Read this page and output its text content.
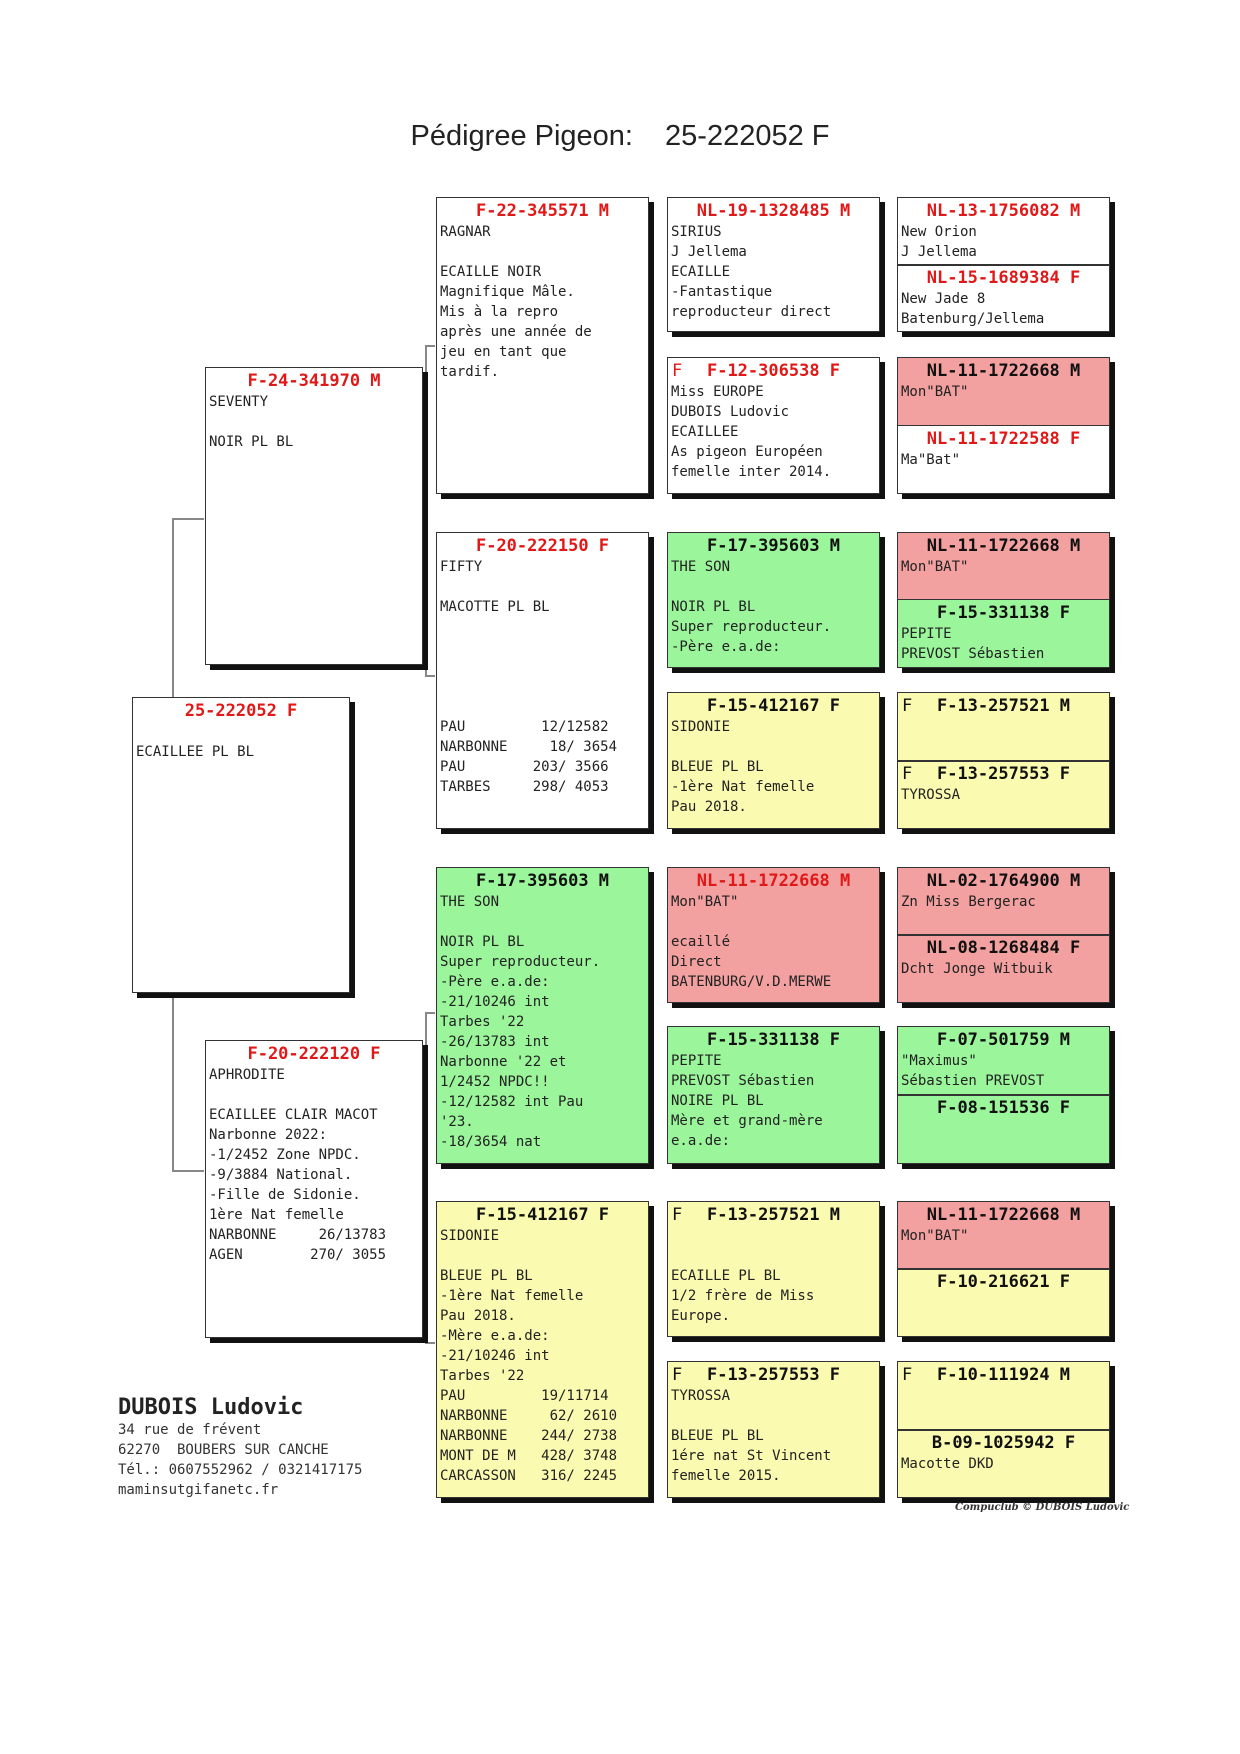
Pédigree Pigeon: 25-222052 F
25-222052 F

ECAILLEE PL BL
F-24-341970 M
SEVENTY

NOIR PL BL
F-20-222120 F
APHRODITE

ECAILLEE CLAIR MACOT
Narbonne 2022:
-1/2452 Zone NPDC.
-9/3884 National.
-Fille de Sidonie.
1ère Nat femelle
NARBONNE     26/13783
AGEN        270/ 3055
F-22-345571 M
RAGNAR

ECAILLE NOIR
Magnifique Mâle.
Mis à la repro
après une année de
jeu en tant que
tardif.
F-20-222150 F
FIFTY

MACOTTE PL BL

PAU         12/12582
NARBONNE     18/ 3654
PAU        203/ 3566
TARBES     298/ 4053
F-17-395603 M
THE SON

NOIR PL BL
Super reproducteur.
-Père e.a.de:
-21/10246 int
Tarbes '22
-26/13783 int
Narbonne '22 et
1/2452 NPDC!!
-12/12582 int Pau
'23.
-18/3654 nat
F-15-412167 F
SIDONIE

BLEUE PL BL
-1ère Nat femelle
Pau 2018.
-Mère e.a.de:
-21/10246 int
Tarbes '22
PAU         19/11714
NARBONNE     62/ 2610
NARBONNE    244/ 2738
MONT DE M   428/ 3748
CARCASSON   316/ 2245
NL-19-1328485 M
SIRIUS
J Jellema
ECAILLE
-Fantastique
reproducteur direct
F F-12-306538 F
Miss EUROPE
DUBOIS Ludovic
ECAILLEE
As pigeon Européen
femelle inter 2014.
F-17-395603 M
THE SON

NOIR PL BL
Super reproducteur.
-Père e.a.de:
F-15-412167 F
SIDONIE

BLEUE PL BL
-1ère Nat femelle
Pau 2018.
NL-11-1722668 M
Mon"BAT"

ecaillé
Direct
BATENBURG/V.D.MERWE
F-15-331138 F
PEPITE
PREVOST Sébastien
NOIRE PL BL
Mère et grand-mère
e.a.de:
F F-13-257521 M

ECAILLE PL BL
1/2 frère de Miss
Europe.
F F-13-257553 F
TYROSSA

BLEUE PL BL
1ére nat St Vincent
femelle 2015.
NL-13-1756082 M
New Orion
J Jellema
NL-15-1689384 F
New Jade 8
Batenburg/Jellema
NL-11-1722668 M
Mon"BAT"
NL-11-1722588 F
Ma"Bat"
NL-11-1722668 M
Mon"BAT"
F-15-331138 F
PEPITE
PREVOST Sébastien
F F-13-257521 M
F F-13-257553 F
TYROSSA
NL-02-1764900 M
Zn Miss Bergerac
NL-08-1268484 F
Dcht Jonge Witbuik
F-07-501759 M
"Maximus"
Sébastien PREVOST
F-08-151536 F
NL-11-1722668 M
Mon"BAT"
F-10-216621 F
F F-10-111924 M
B-09-1025942 F
Macotte DKD
DUBOIS Ludovic
34 rue de frévent
62270  BOUBERS SUR CANCHE
Tél.: 0607552962 / 0321417175
maminsutgifanetc.fr
Compuclub © DUBOIS Ludovic
